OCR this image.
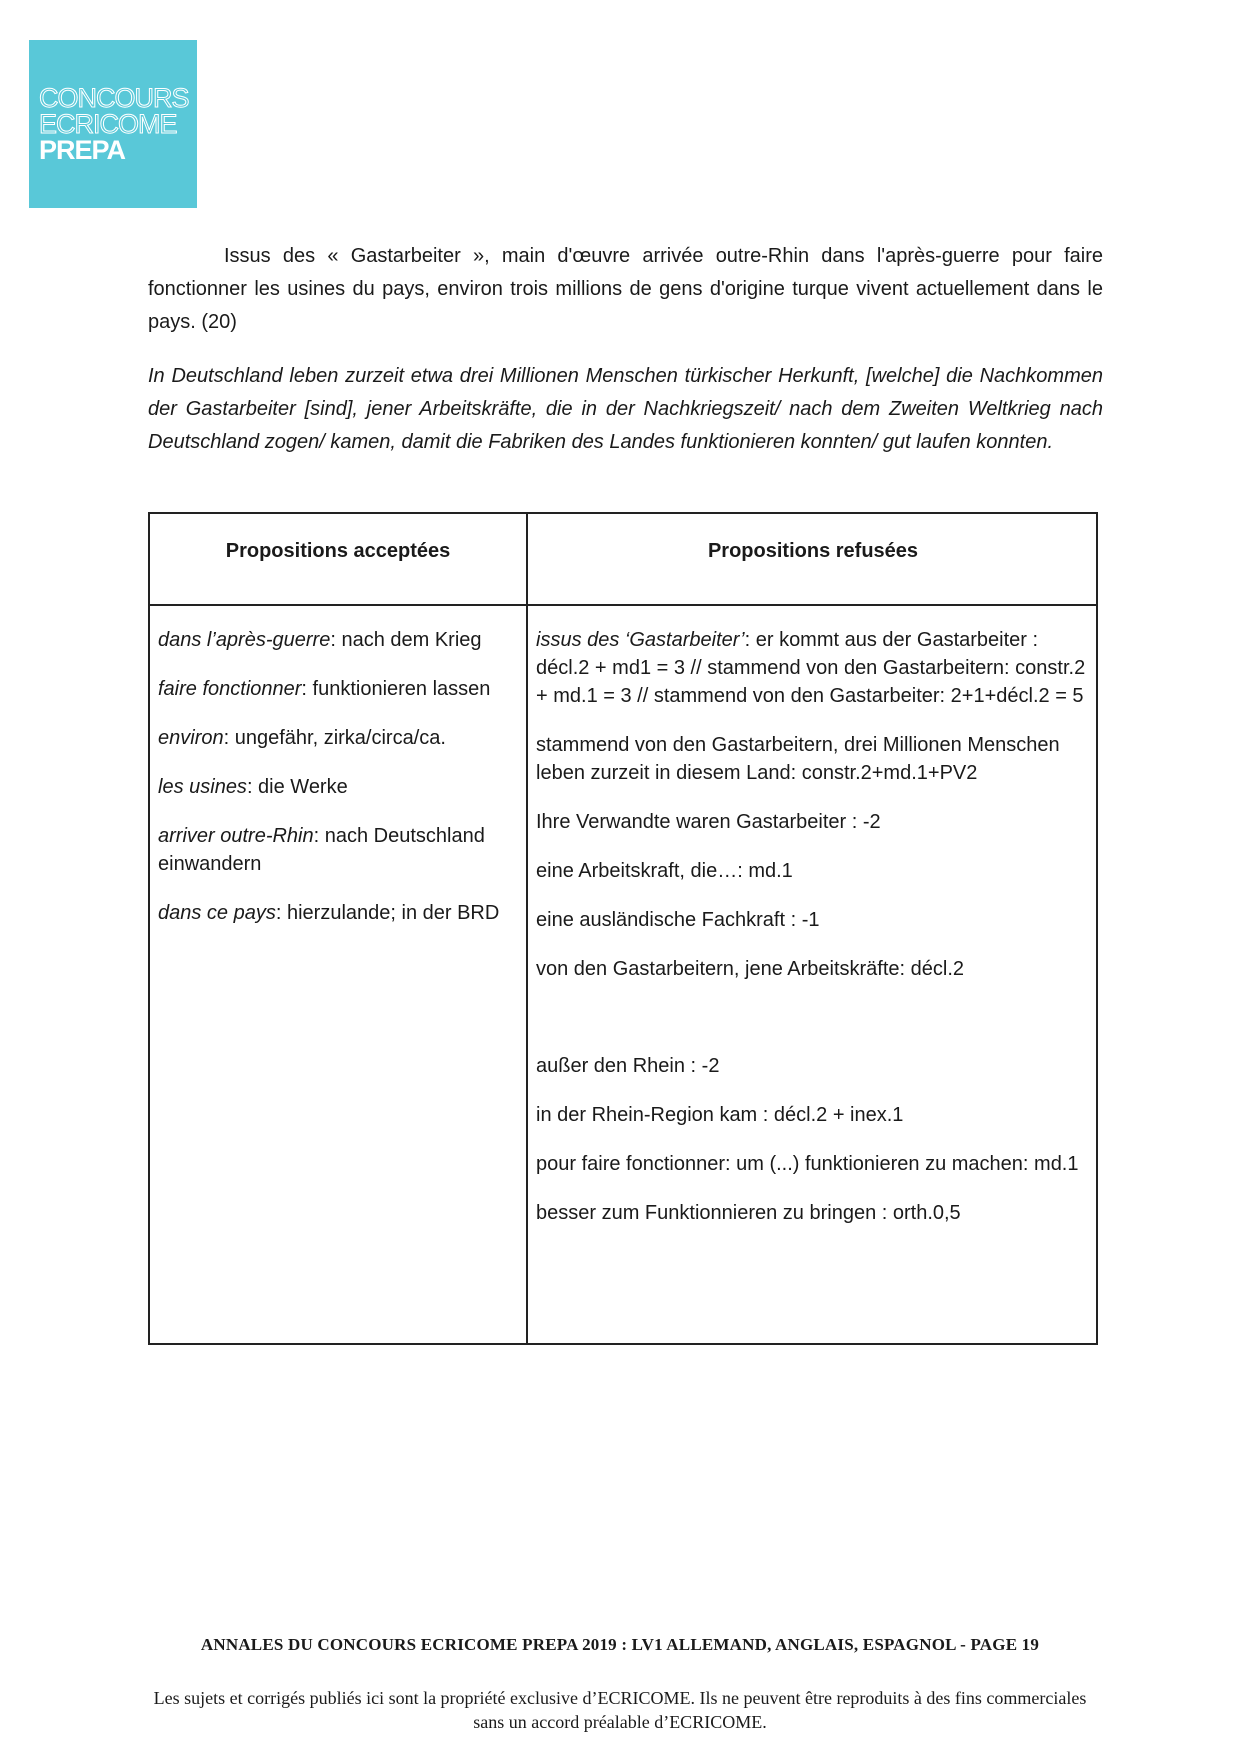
CONCOURS
ECRICOME
PREPA

Issus des « Gastarbeiter », main d'œuvre arrivée outre-Rhin dans l'après-guerre pour faire fonctionner les usines du pays, environ trois millions de gens d'origine turque vivent actuellement dans le pays. (20)

In Deutschland leben zurzeit etwa drei Millionen Menschen türkischer Herkunft, [welche] die Nachkommen der Gastarbeiter [sind], jener Arbeitskräfte, die in der Nachkriegszeit/ nach dem Zweiten Weltkrieg nach Deutschland zogen/ kamen, damit die Fabriken des Landes funktionieren konnten/ gut laufen konnten.

Propositions acceptées	Propositions refusées

dans l’après-guerre: nach dem Krieg

faire fonctionner: funktionieren lassen

environ: ungefähr, zirka/circa/ca.

les usines: die Werke

arriver outre-Rhin: nach Deutschland einwandern

dans ce pays: hierzulande; in der BRD

issus des ‘Gastarbeiter’: er kommt aus der Gastarbeiter : décl.2 + md1 = 3 // stammend von den Gastarbeitern: constr.2 + md.1 = 3 // stammend von den Gastarbeiter: 2+1+décl.2 = 5

stammend von den Gastarbeitern, drei Millionen Menschen leben zurzeit in diesem Land: constr.2+md.1+PV2

Ihre Verwandte waren Gastarbeiter : -2

eine Arbeitskraft, die…: md.1

eine ausländische Fachkraft : -1

von den Gastarbeitern, jene Arbeitskräfte: décl.2

außer den Rhein : -2

in der Rhein-Region kam : décl.2 + inex.1

pour faire fonctionner: um (...) funktionieren zu machen: md.1

besser zum Funktionnieren zu bringen : orth.0,5

ANNALES DU CONCOURS ECRICOME PREPA 2019 : LV1 ALLEMAND, ANGLAIS, ESPAGNOL - PAGE 19
Les sujets et corrigés publiés ici sont la propriété exclusive d’ECRICOME. Ils ne peuvent être reproduits à des fins commerciales sans un accord préalable d’ECRICOME.
